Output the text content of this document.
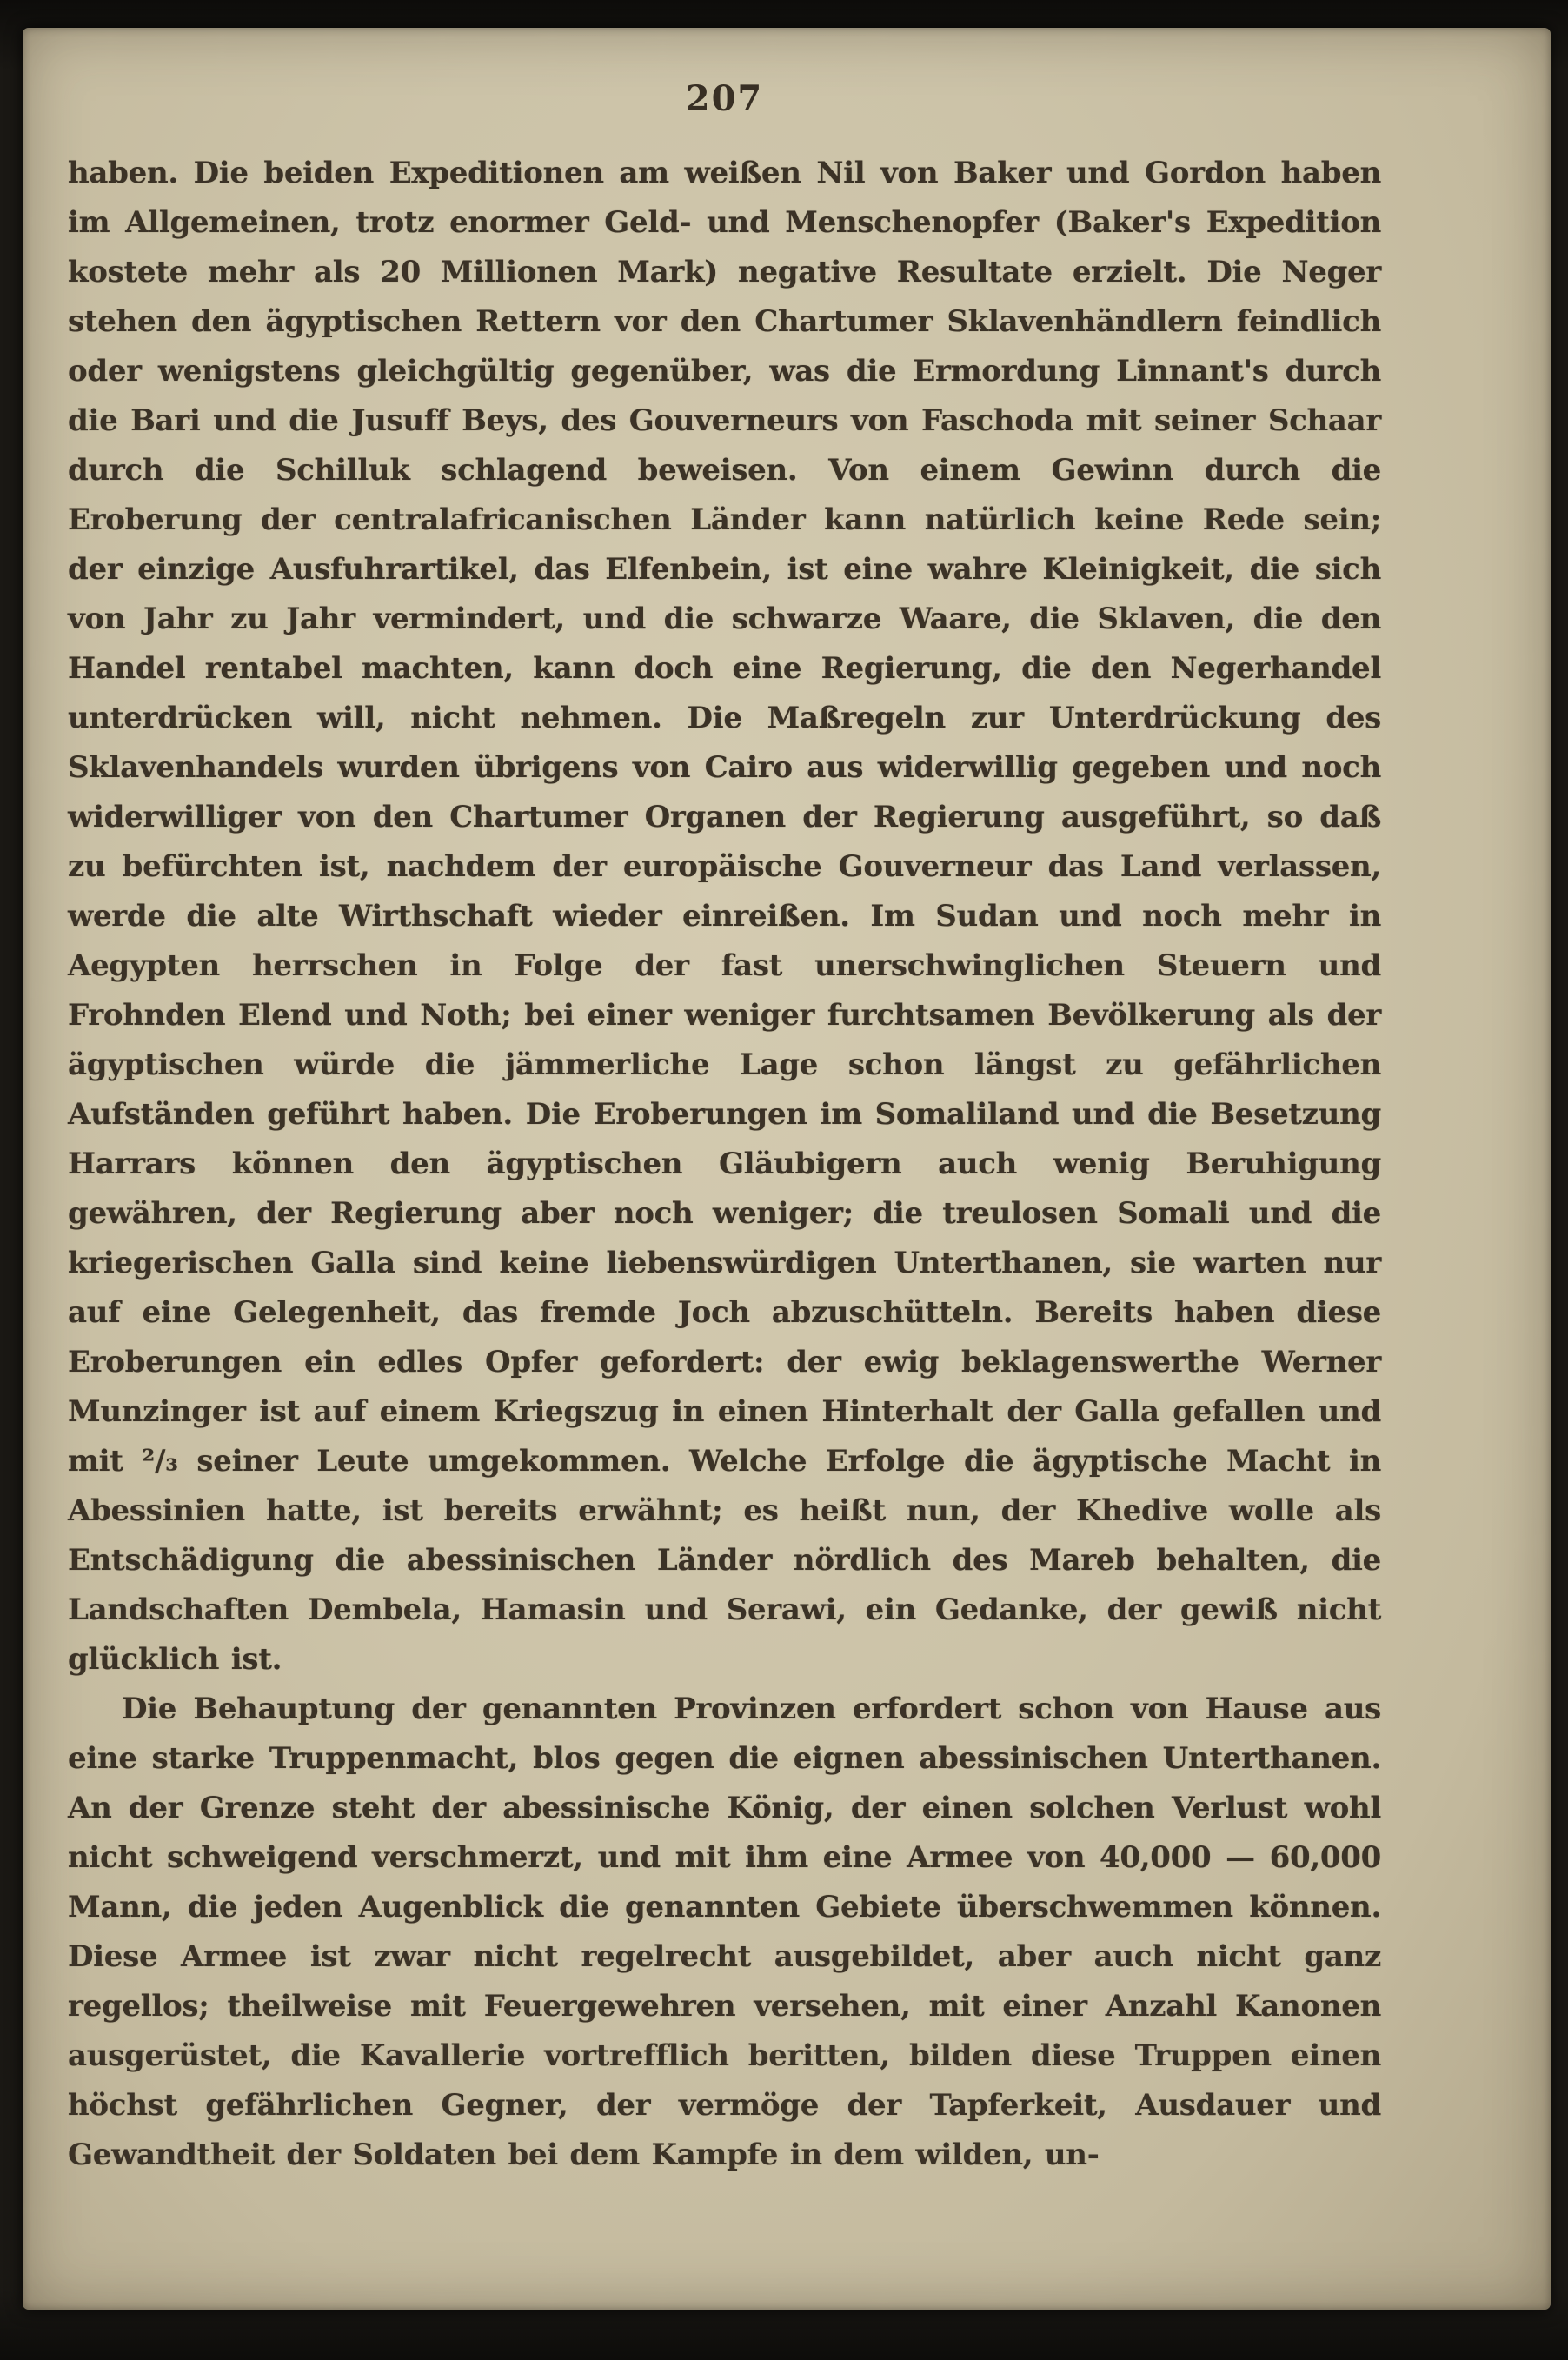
207

haben. Die beiden Expeditionen am weißen Nil von Baker und Gordon haben im Allgemeinen, trotz enormer Geld- und Menschenopfer (Baker's Expedition kostete mehr als 20 Millionen Mark) negative Resultate erzielt. Die Neger stehen den ägyptischen Rettern vor den Chartumer Sklavenhändlern feindlich oder wenigstens gleichgültig gegenüber, was die Ermordung Linnant's durch die Bari und die Jusuff Beys, des Gouverneurs von Faschoda mit seiner Schaar durch die Schilluk schlagend beweisen. Von einem Gewinn durch die Eroberung der centralafricanischen Länder kann natürlich keine Rede sein; der einzige Ausfuhrartikel, das Elfenbein, ist eine wahre Kleinigkeit, die sich von Jahr zu Jahr vermindert, und die schwarze Waare, die Sklaven, die den Handel rentabel machten, kann doch eine Regierung, die den Negerhandel unterdrücken will, nicht nehmen. Die Maßregeln zur Unterdrückung des Sklavenhandels wurden übrigens von Cairo aus widerwillig gegeben und noch widerwilliger von den Chartumer Organen der Regierung ausgeführt, so daß zu befürchten ist, nachdem der europäische Gouverneur das Land verlassen, werde die alte Wirthschaft wieder einreißen. Im Sudan und noch mehr in Aegypten herrschen in Folge der fast unerschwinglichen Steuern und Frohnden Elend und Noth; bei einer weniger furchtsamen Bevölkerung als der ägyptischen würde die jämmerliche Lage schon längst zu gefährlichen Aufständen geführt haben. Die Eroberungen im Somaliland und die Besetzung Harrars können den ägyptischen Gläubigern auch wenig Beruhigung gewähren, der Regierung aber noch weniger; die treulosen Somali und die kriegerischen Galla sind keine liebenswürdigen Unterthanen, sie warten nur auf eine Gelegenheit, das fremde Joch abzuschütteln. Bereits haben diese Eroberungen ein edles Opfer gefordert: der ewig beklagenswerthe Werner Munzinger ist auf einem Kriegszug in einen Hinterhalt der Galla gefallen und mit ²/₃ seiner Leute umgekommen. Welche Erfolge die ägyptische Macht in Abessinien hatte, ist bereits erwähnt; es heißt nun, der Khedive wolle als Entschädigung die abessinischen Länder nördlich des Mareb behalten, die Landschaften Dembela, Hamasin und Serawi, ein Gedanke, der gewiß nicht glücklich ist.

Die Behauptung der genannten Provinzen erfordert schon von Hause aus eine starke Truppenmacht, blos gegen die eignen abessinischen Unterthanen. An der Grenze steht der abessinische König, der einen solchen Verlust wohl nicht schweigend verschmerzt, und mit ihm eine Armee von 40,000 — 60,000 Mann, die jeden Augenblick die genannten Gebiete überschwemmen können. Diese Armee ist zwar nicht regelrecht ausgebildet, aber auch nicht ganz regellos; theilweise mit Feuergewehren versehen, mit einer Anzahl Kanonen ausgerüstet, die Kavallerie vortrefflich beritten, bilden diese Truppen einen höchst gefährlichen Gegner, der vermöge der Tapferkeit, Ausdauer und Gewandtheit der Soldaten bei dem Kampfe in dem wilden, un-
